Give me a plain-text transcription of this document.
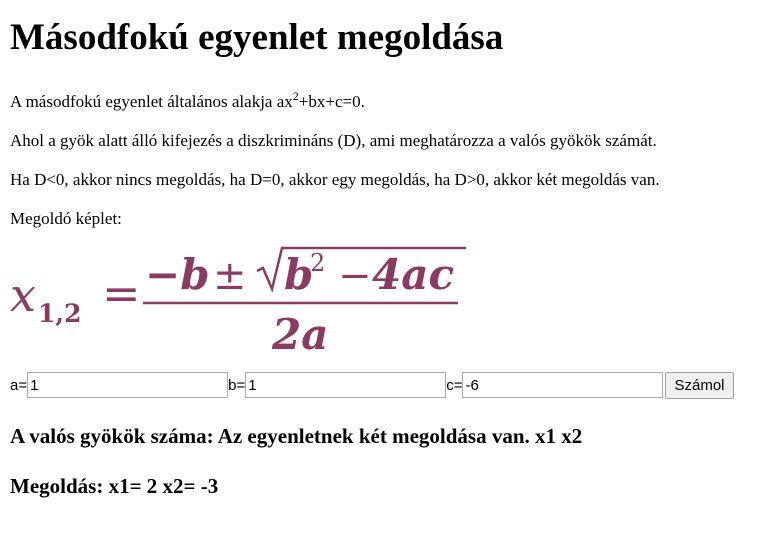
Másodfokú egyenlet megoldása

A másodfokú egyenlet általános alakja $ax^2+bx+c=0$.

Ahol a gyök alatt álló kifejezés a diszkrimináns (D), ami meghatározza a valós gyökök számát.

Ha D<0, akkor nincs megoldás, ha D=0, akkor egy megoldás, ha D>0, akkor két megoldás van.

Megoldó képlet:

x 1,2 = −b ± b
2 − 4ac
2a
a=
1	b=
1	c=
-6	Számol
A valós gyökök száma: Az egyenletnek két megoldása van. x1 x2
Megoldás: x1= 2 x2= -3
